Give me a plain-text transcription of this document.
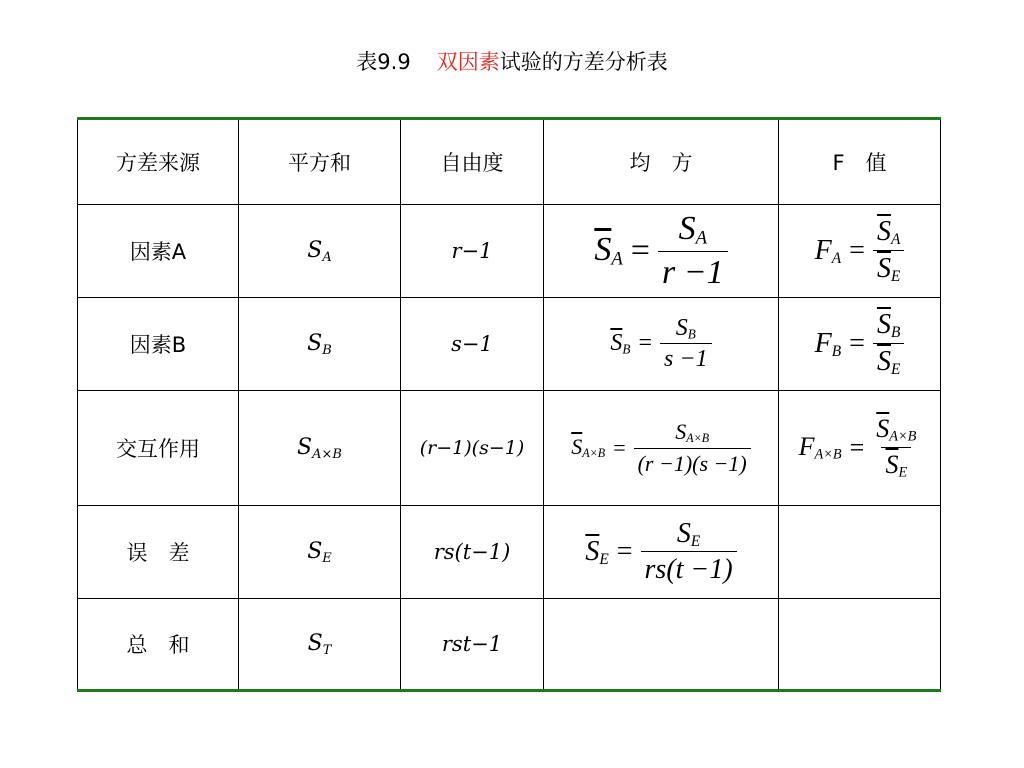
表9.9 双因素试验的方差分析表
方差来源	平方和	自由度	均　方	F　值
因素A	$S_A$	r−1	$\overline{S}_A = \frac{S_A}{r -1}$	$F_A = \frac{\overline{S}_A}{\overline{S}_E}$

因素B	$S_B$	s−1	$\overline{S}_B = \frac{S_B}{s -1}$	$F_B = \frac{\overline{S}_B}{\overline{S}_E}$

交互作用	$S_{A\times B}$	(r−1)(s−1)	$\overline{S}_{A\times B} = \frac{S_{A\times B}}{(r -1)(s -1)}$	$F_{A\times B} = \frac{\overline{S}_{A\times B}}{\overline{S}_E}$

误　差	$S_E$	rs(t−1)	$\overline{S}_E = \frac{S_E}{rs(t -1)}$

总　和	$S_T$	rst−1		
